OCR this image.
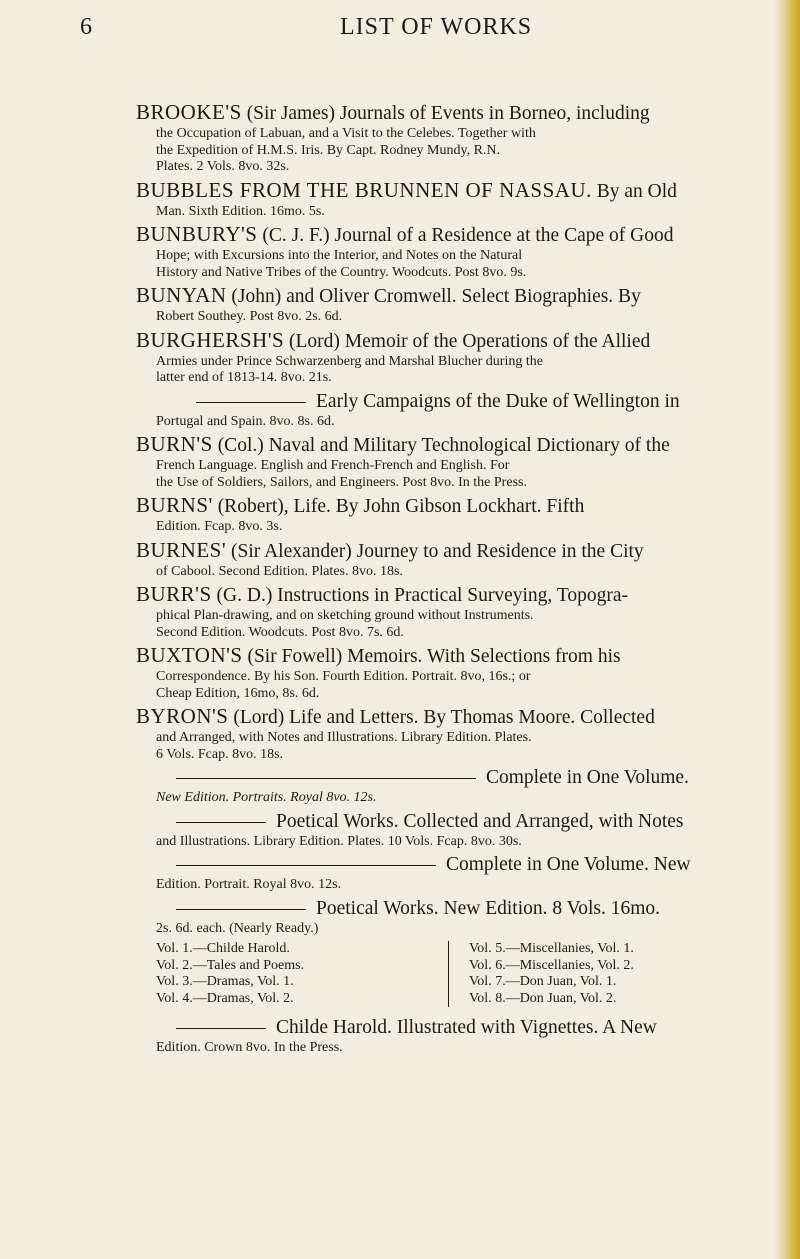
6	LIST OF WORKS
BROOKE'S (Sir James) Journals of Events in Borneo, including
the Occupation of Labuan, and a Visit to the Celebes. Together with
the Expedition of H.M.S. Iris. By Capt. Rodney Mundy, R.N.
Plates. 2 Vols. 8vo. 32s.
BUBBLES FROM THE BRUNNEN OF NASSAU. By an Old
Man. Sixth Edition. 16mo. 5s.
BUNBURY'S (C. J. F.) Journal of a Residence at the Cape of Good
Hope; with Excursions into the Interior, and Notes on the Natural
History and Native Tribes of the Country. Woodcuts. Post 8vo. 9s.
BUNYAN (John) and Oliver Cromwell. Select Biographies. By
Robert Southey. Post 8vo. 2s. 6d.
BURGHERSH'S (Lord) Memoir of the Operations of the Allied
Armies under Prince Schwarzenberg and Marshal Blucher during the
latter end of 1813-14. 8vo. 21s.
Early Campaigns of the Duke of Wellington in
Portugal and Spain. 8vo. 8s. 6d.
BURN'S (Col.) Naval and Military Technological Dictionary of the
French Language. English and French-French and English. For
the Use of Soldiers, Sailors, and Engineers. Post 8vo. In the Press.
BURNS' (Robert), Life. By John Gibson Lockhart. Fifth
Edition. Fcap. 8vo. 3s.
BURNES' (Sir Alexander) Journey to and Residence in the City
of Cabool. Second Edition. Plates. 8vo. 18s.
BURR'S (G. D.) Instructions in Practical Surveying, Topogra-
phical Plan-drawing, and on sketching ground without Instruments.
Second Edition. Woodcuts. Post 8vo. 7s. 6d.
BUXTON'S (Sir Fowell) Memoirs. With Selections from his
Correspondence. By his Son. Fourth Edition. Portrait. 8vo, 16s.; or
Cheap Edition, 16mo, 8s. 6d.
BYRON'S (Lord) Life and Letters. By Thomas Moore. Collected
and Arranged, with Notes and Illustrations. Library Edition. Plates.
6 Vols. Fcap. 8vo. 18s.
Complete in One Volume.
New Edition. Portraits. Royal 8vo. 12s.
Poetical Works. Collected and Arranged, with Notes
and Illustrations. Library Edition. Plates. 10 Vols. Fcap. 8vo. 30s.
Complete in One Volume. New
Edition. Portrait. Royal 8vo. 12s.
Poetical Works. New Edition. 8 Vols. 16mo.
2s. 6d. each. (Nearly Ready.)
Vol. 1.—Childe Harold.
Vol. 2.—Tales and Poems.
Vol. 3.—Dramas, Vol. 1.
Vol. 4.—Dramas, Vol. 2.
Vol. 5.—Miscellanies, Vol. 1.
Vol. 6.—Miscellanies, Vol. 2.
Vol. 7.—Don Juan, Vol. 1.
Vol. 8.—Don Juan, Vol. 2.
Childe Harold. Illustrated with Vignettes. A New
Edition. Crown 8vo. In the Press.
